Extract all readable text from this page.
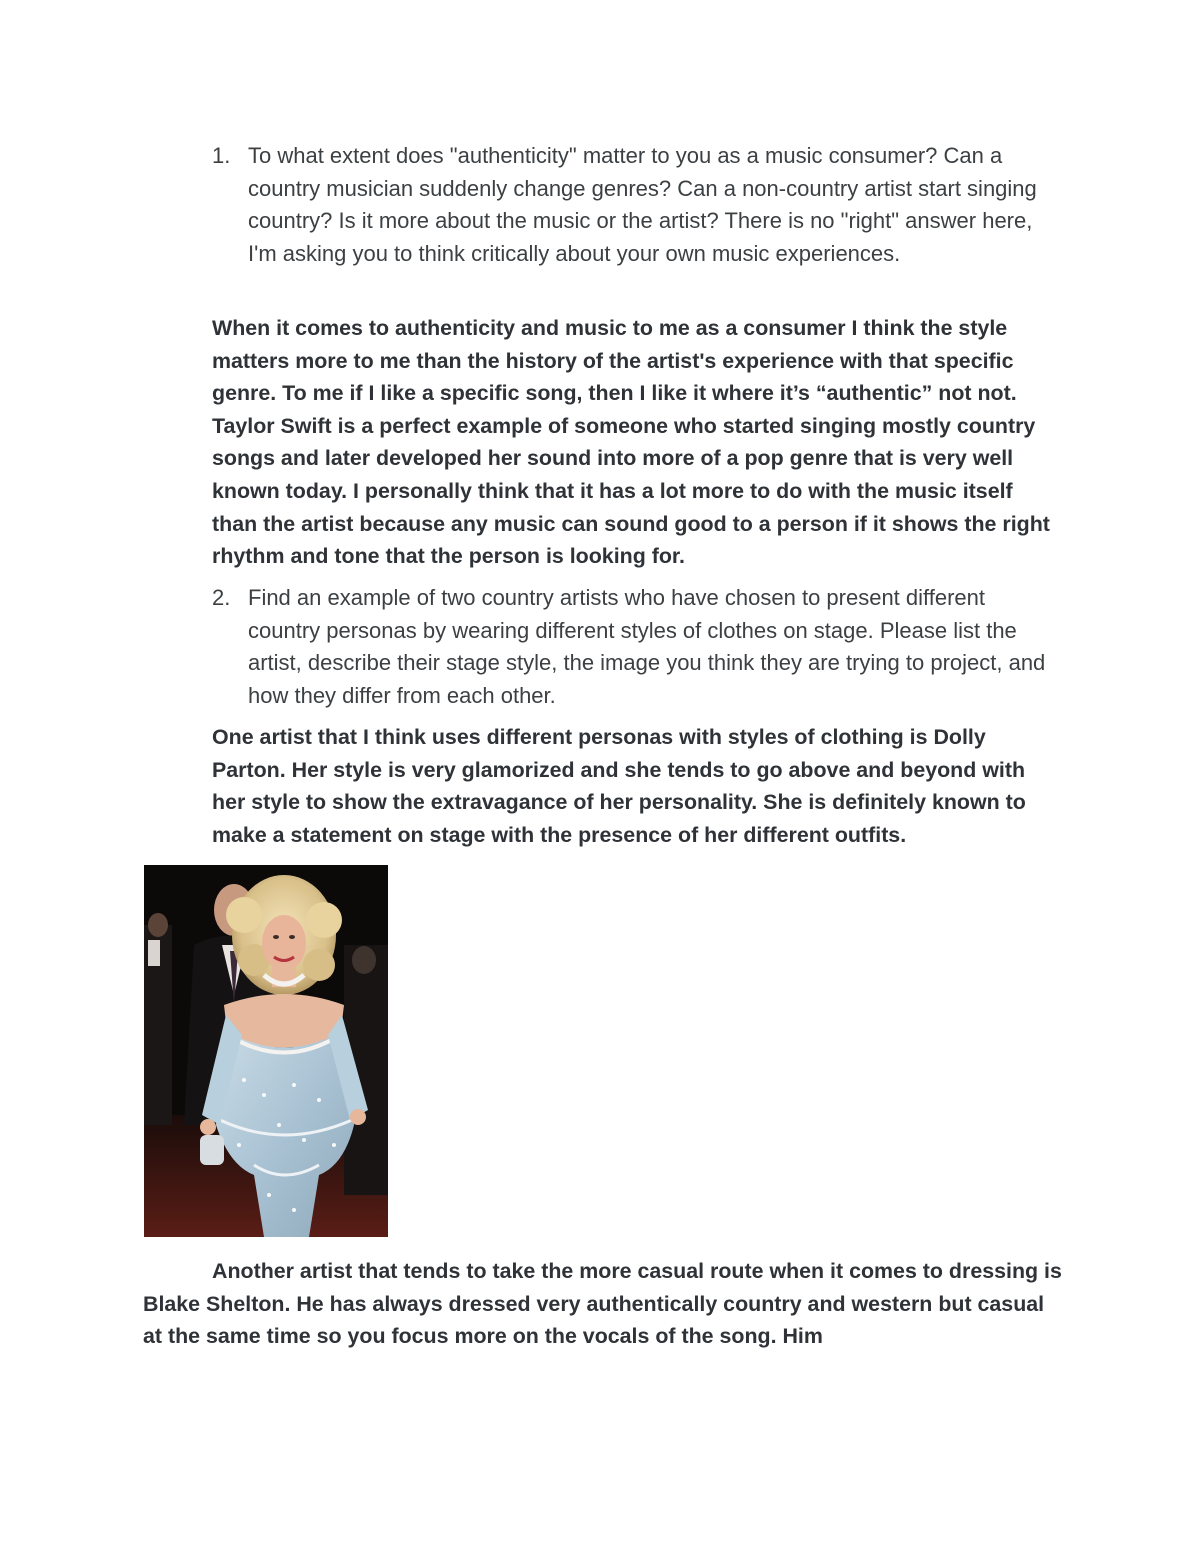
1. To what extent does "authenticity" matter to you as a music consumer? Can a country musician suddenly change genres? Can a non-country artist start singing country? Is it more about the music or the artist? There is no "right" answer here, I'm asking you to think critically about your own music experiences.
When it comes to authenticity and music to me as a consumer I think the style matters more to me than the history of the artist's experience with that specific genre. To me if I like a specific song, then I like it where it’s “authentic” not not. Taylor Swift is a perfect example of someone who started singing mostly country songs and later developed her sound into more of a pop genre that is very well known today. I personally think that it has a lot more to do with the music itself than the artist because any music can sound good to a person if it shows the right rhythm and tone that the person is looking for.
2. Find an example of two country artists who have chosen to present different country personas by wearing different styles of clothes on stage. Please list the artist, describe their stage style, the image you think they are trying to project, and how they differ from each other.
One artist that I think uses different personas with styles of clothing is Dolly Parton. Her style is very glamorized and she tends to go above and beyond with her style to show the extravagance of her personality. She is definitely known to make a statement on stage with the presence of her different outfits.
Another artist that tends to take the more casual route when it comes to dressing is Blake Shelton. He has always dressed very authentically country and western but casual at the same time so you focus more on the vocals of the song. Him
